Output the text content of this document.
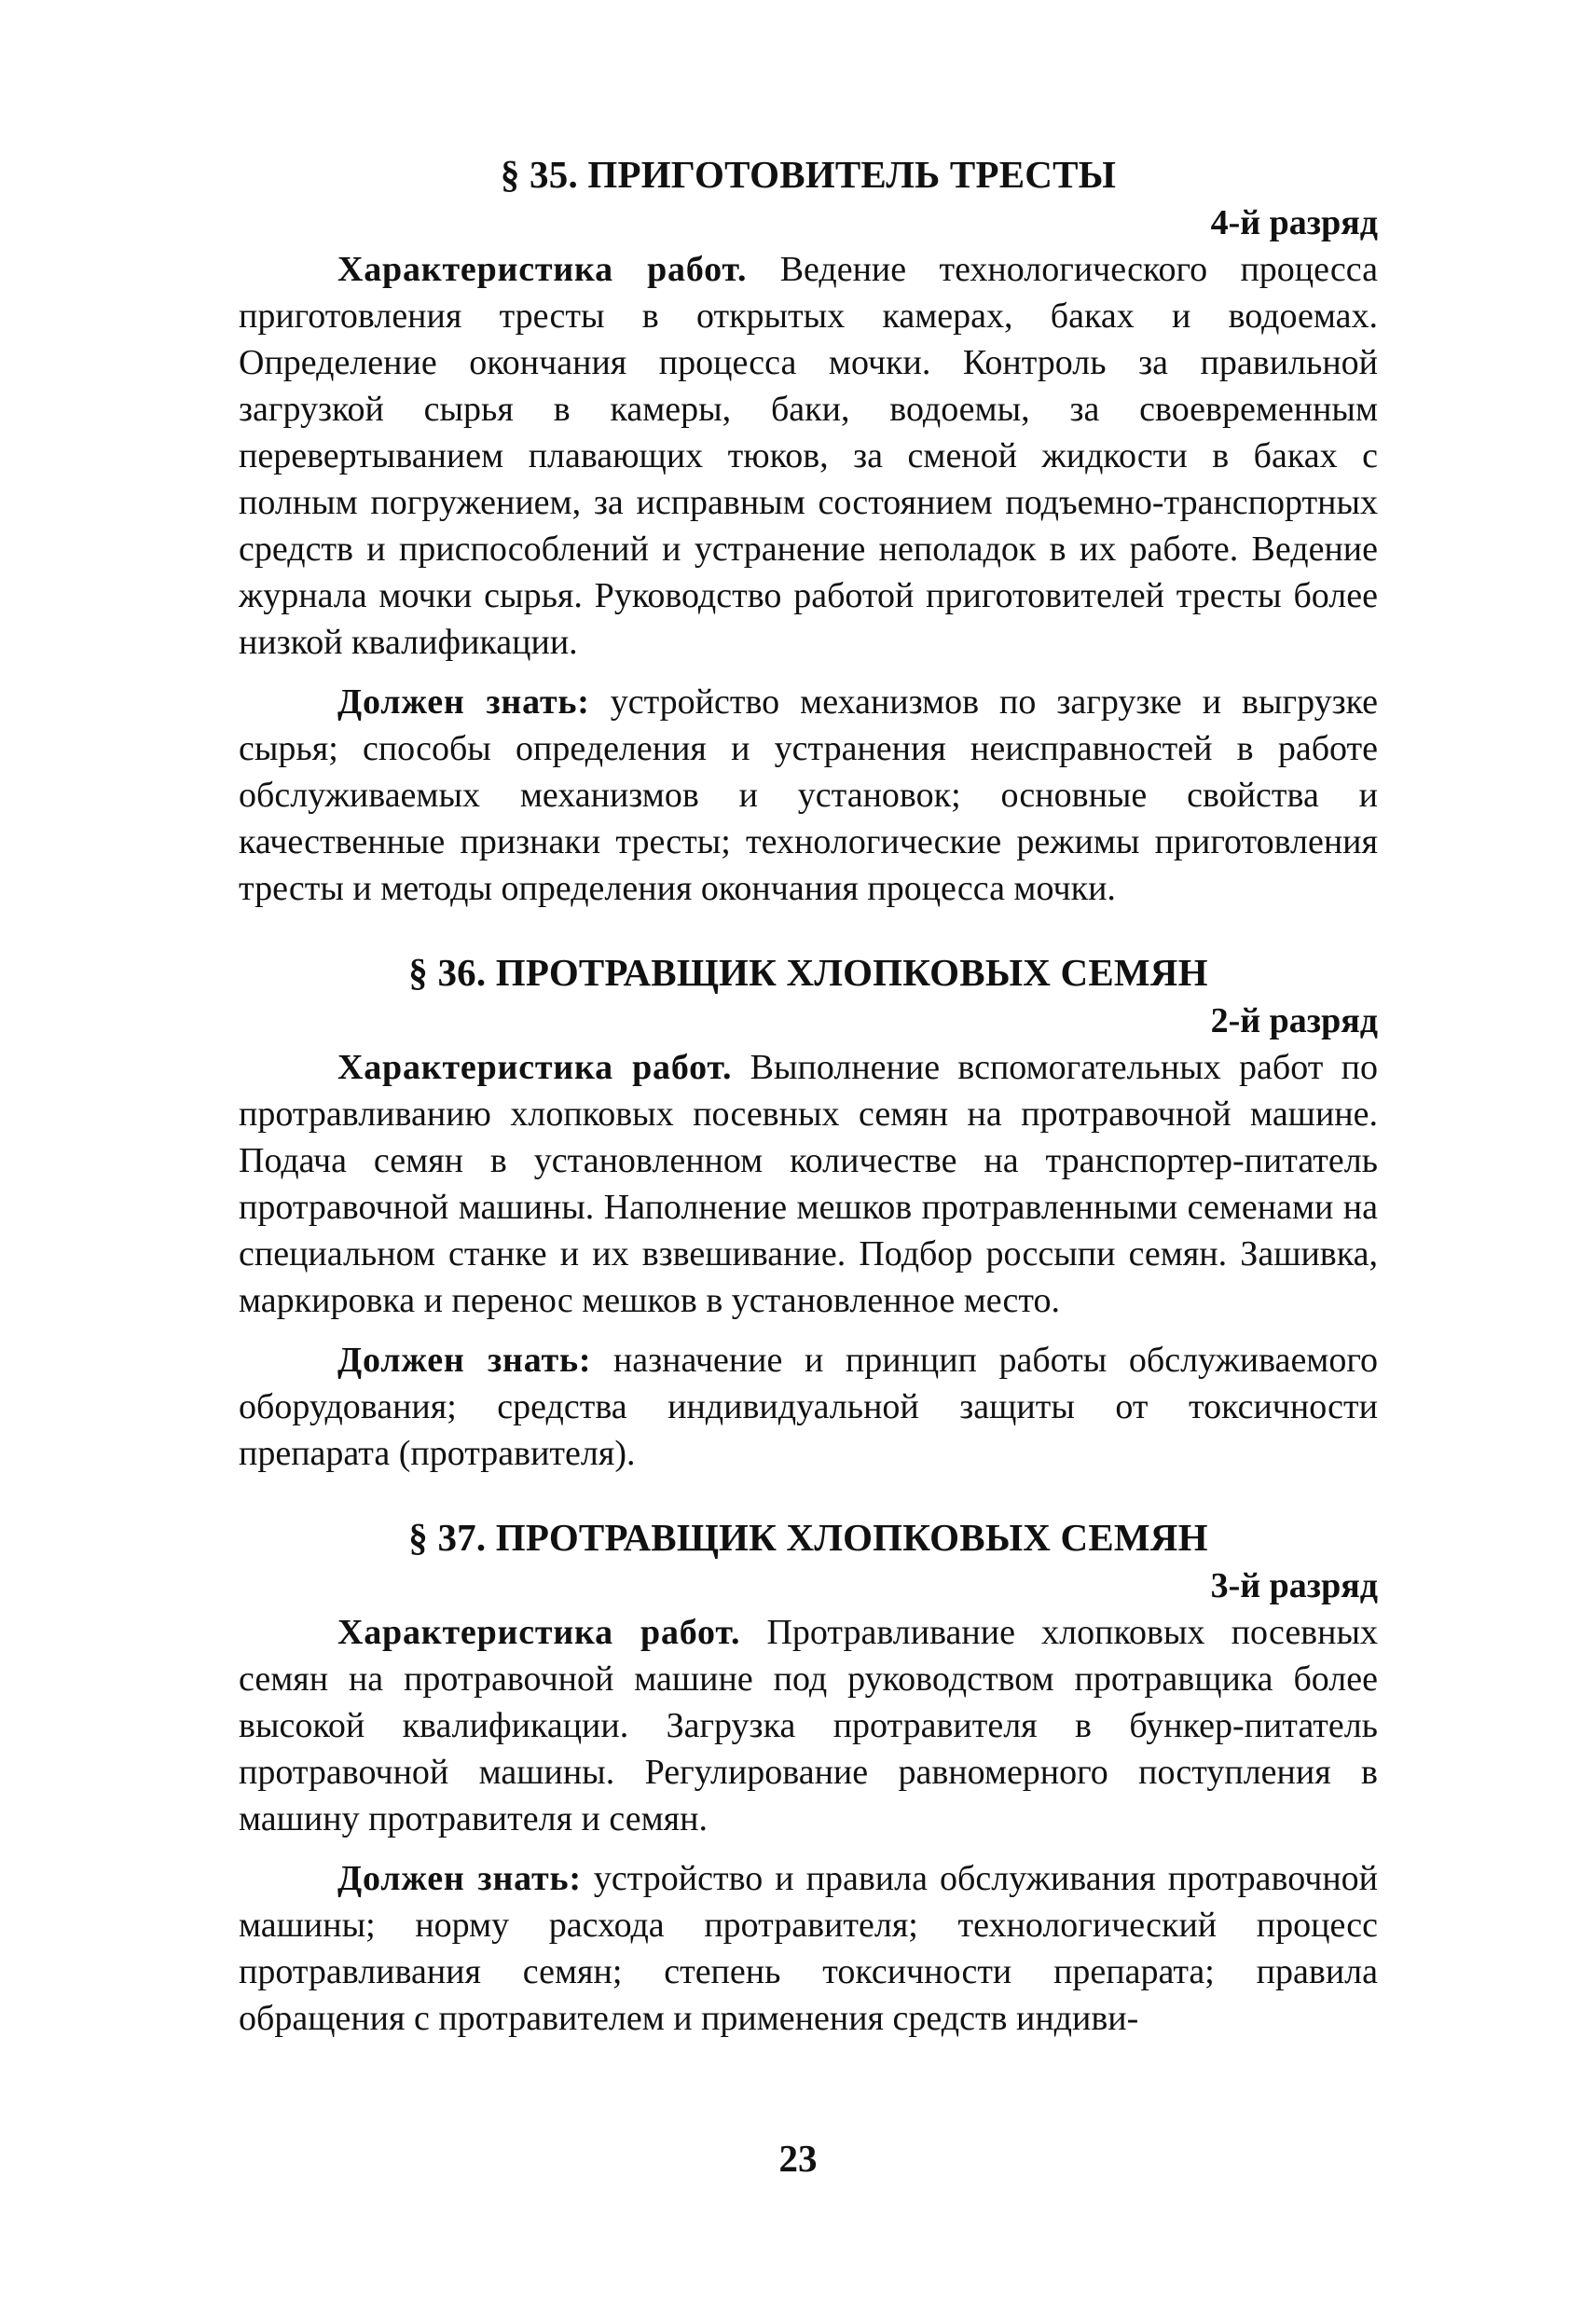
§ 35. ПРИГОТОВИТЕЛЬ ТРЕСТЫ
4-й разряд

Характеристика работ. Ведение технологического процесса приготовления тресты в открытых камерах, баках и водоемах. Определение окончания процесса мочки. Контроль за правильной загрузкой сырья в камеры, баки, водоемы, за своевременным перевертыванием плавающих тюков, за сменой жидкости в баках с полным погружением, за исправным состоянием подъемно-транспортных средств и приспособлений и устранение неполадок в их работе. Ведение журнала мочки сырья. Руководство работой приготовителей тресты более низкой квалификации.

Должен знать: устройство механизмов по загрузке и выгрузке сырья; способы определения и устранения неисправностей в работе обслуживаемых механизмов и установок; основные свойства и качественные признаки тресты; технологические режимы приготовления тресты и методы определения окончания процесса мочки.

§ 36. ПРОТРАВЩИК ХЛОПКОВЫХ СЕМЯН
2-й разряд

Характеристика работ. Выполнение вспомогательных работ по протравливанию хлопковых посевных семян на протравочной машине. Подача семян в установленном количестве на транспортер-питатель протравочной машины. Наполнение мешков протравленными семенами на специальном станке и их взвешивание. Подбор россыпи семян. Зашивка, маркировка и перенос мешков в установленное место.

Должен знать: назначение и принцип работы обслуживаемого оборудования; средства индивидуальной защиты от токсичности препарата (протравителя).

§ 37. ПРОТРАВЩИК ХЛОПКОВЫХ СЕМЯН
3-й разряд

Характеристика работ. Протравливание хлопковых посевных семян на протравочной машине под руководством протравщика более высокой квалификации. Загрузка протравителя в бункер-питатель протравочной машины. Регулирование равномерного поступления в машину протравителя и семян.

Должен знать: устройство и правила обслуживания протравочной машины; норму расхода протравителя; технологический процесс протравливания семян; степень токсичности препарата; правила обращения с протравителем и применения средств индиви-

23
